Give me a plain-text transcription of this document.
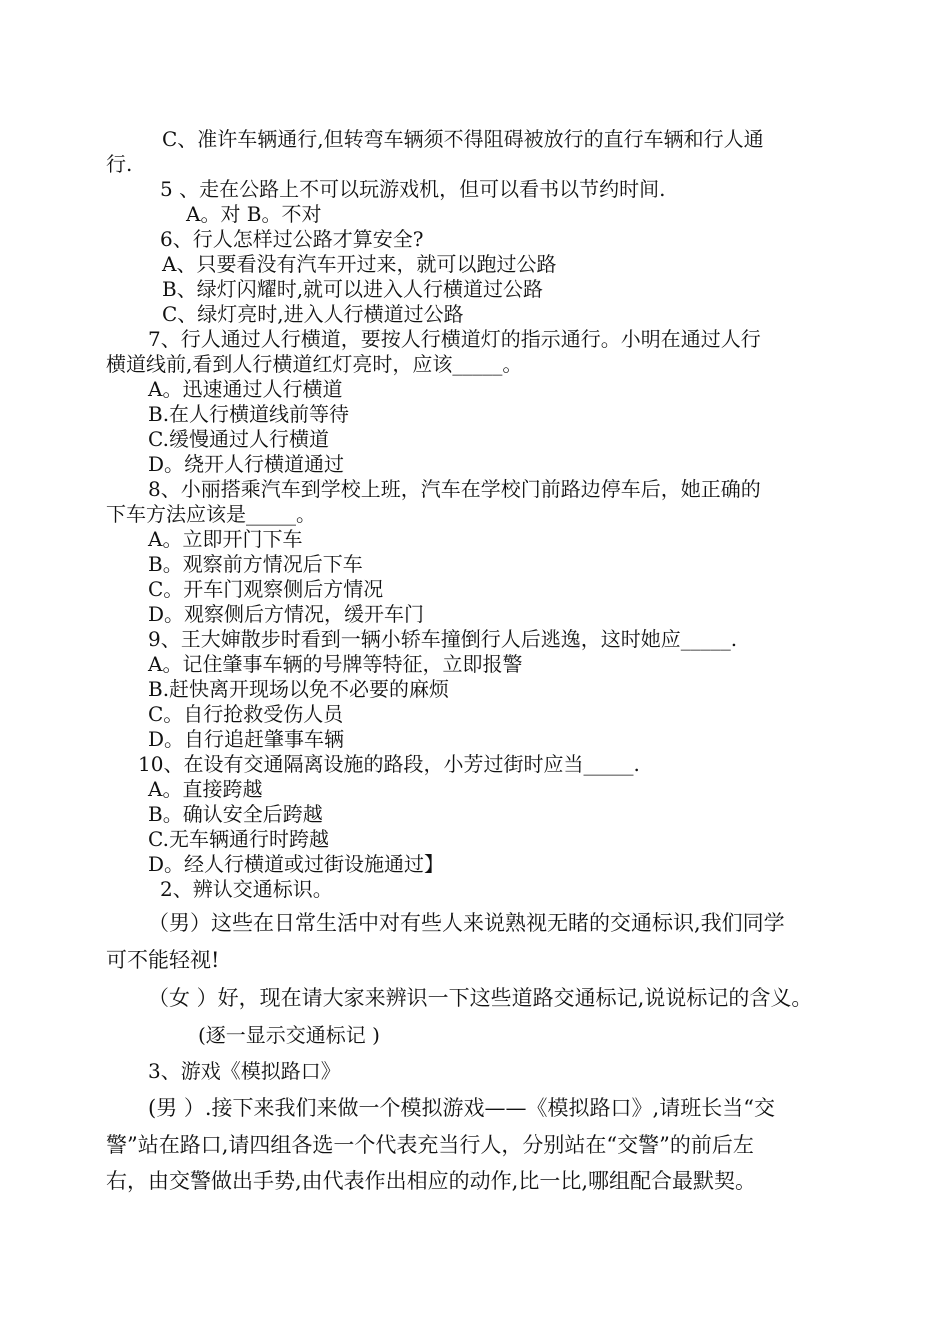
C、准许车辆通行,但转弯车辆须不得阻碍被放行的直行车辆和行人通
行.
5 、走在公路上不可以玩游戏机，但可以看书以节约时间.
A。对 B。不对
6、行人怎样过公路才算安全?
A、只要看没有汽车开过来，就可以跑过公路
B、绿灯闪耀时,就可以进入人行横道过公路
C、绿灯亮时,进入人行横道过公路
7、行人通过人行横道，要按人行横道灯的指示通行。小明在通过人行
横道线前,看到人行横道红灯亮时，应该_____。
A。迅速通过人行横道
B.在人行横道线前等待
C.缓慢通过人行横道
D。绕开人行横道通过
8、小丽搭乘汽车到学校上班，汽车在学校门前路边停车后，她正确的
下车方法应该是_____。
A。立即开门下车
B。观察前方情况后下车
C。开车门观察侧后方情况
D。观察侧后方情况，缓开车门
9、王大婶散步时看到一辆小轿车撞倒行人后逃逸，这时她应_____.
A。记住肇事车辆的号牌等特征，立即报警
B.赶快离开现场以免不必要的麻烦
C。自行抢救受伤人员
D。自行追赶肇事车辆
10、在设有交通隔离设施的路段，小芳过街时应当_____.
A。直接跨越
B。确认安全后跨越
C.无车辆通行时跨越
D。经人行横道或过街设施通过】
2、辨认交通标识。
（男）这些在日常生活中对有些人来说熟视无睹的交通标识,我们同学
可不能轻视!
（女 ）好，现在请大家来辨识一下这些道路交通标记,说说标记的含义。
(逐一显示交通标记 )
3、游戏《模拟路口》
(男 ）.接下来我们来做一个模拟游戏——《模拟路口》,请班长当“交
警”站在路口,请四组各选一个代表充当行人，分别站在“交警”的前后左
右，由交警做出手势,由代表作出相应的动作,比一比,哪组配合最默契。
